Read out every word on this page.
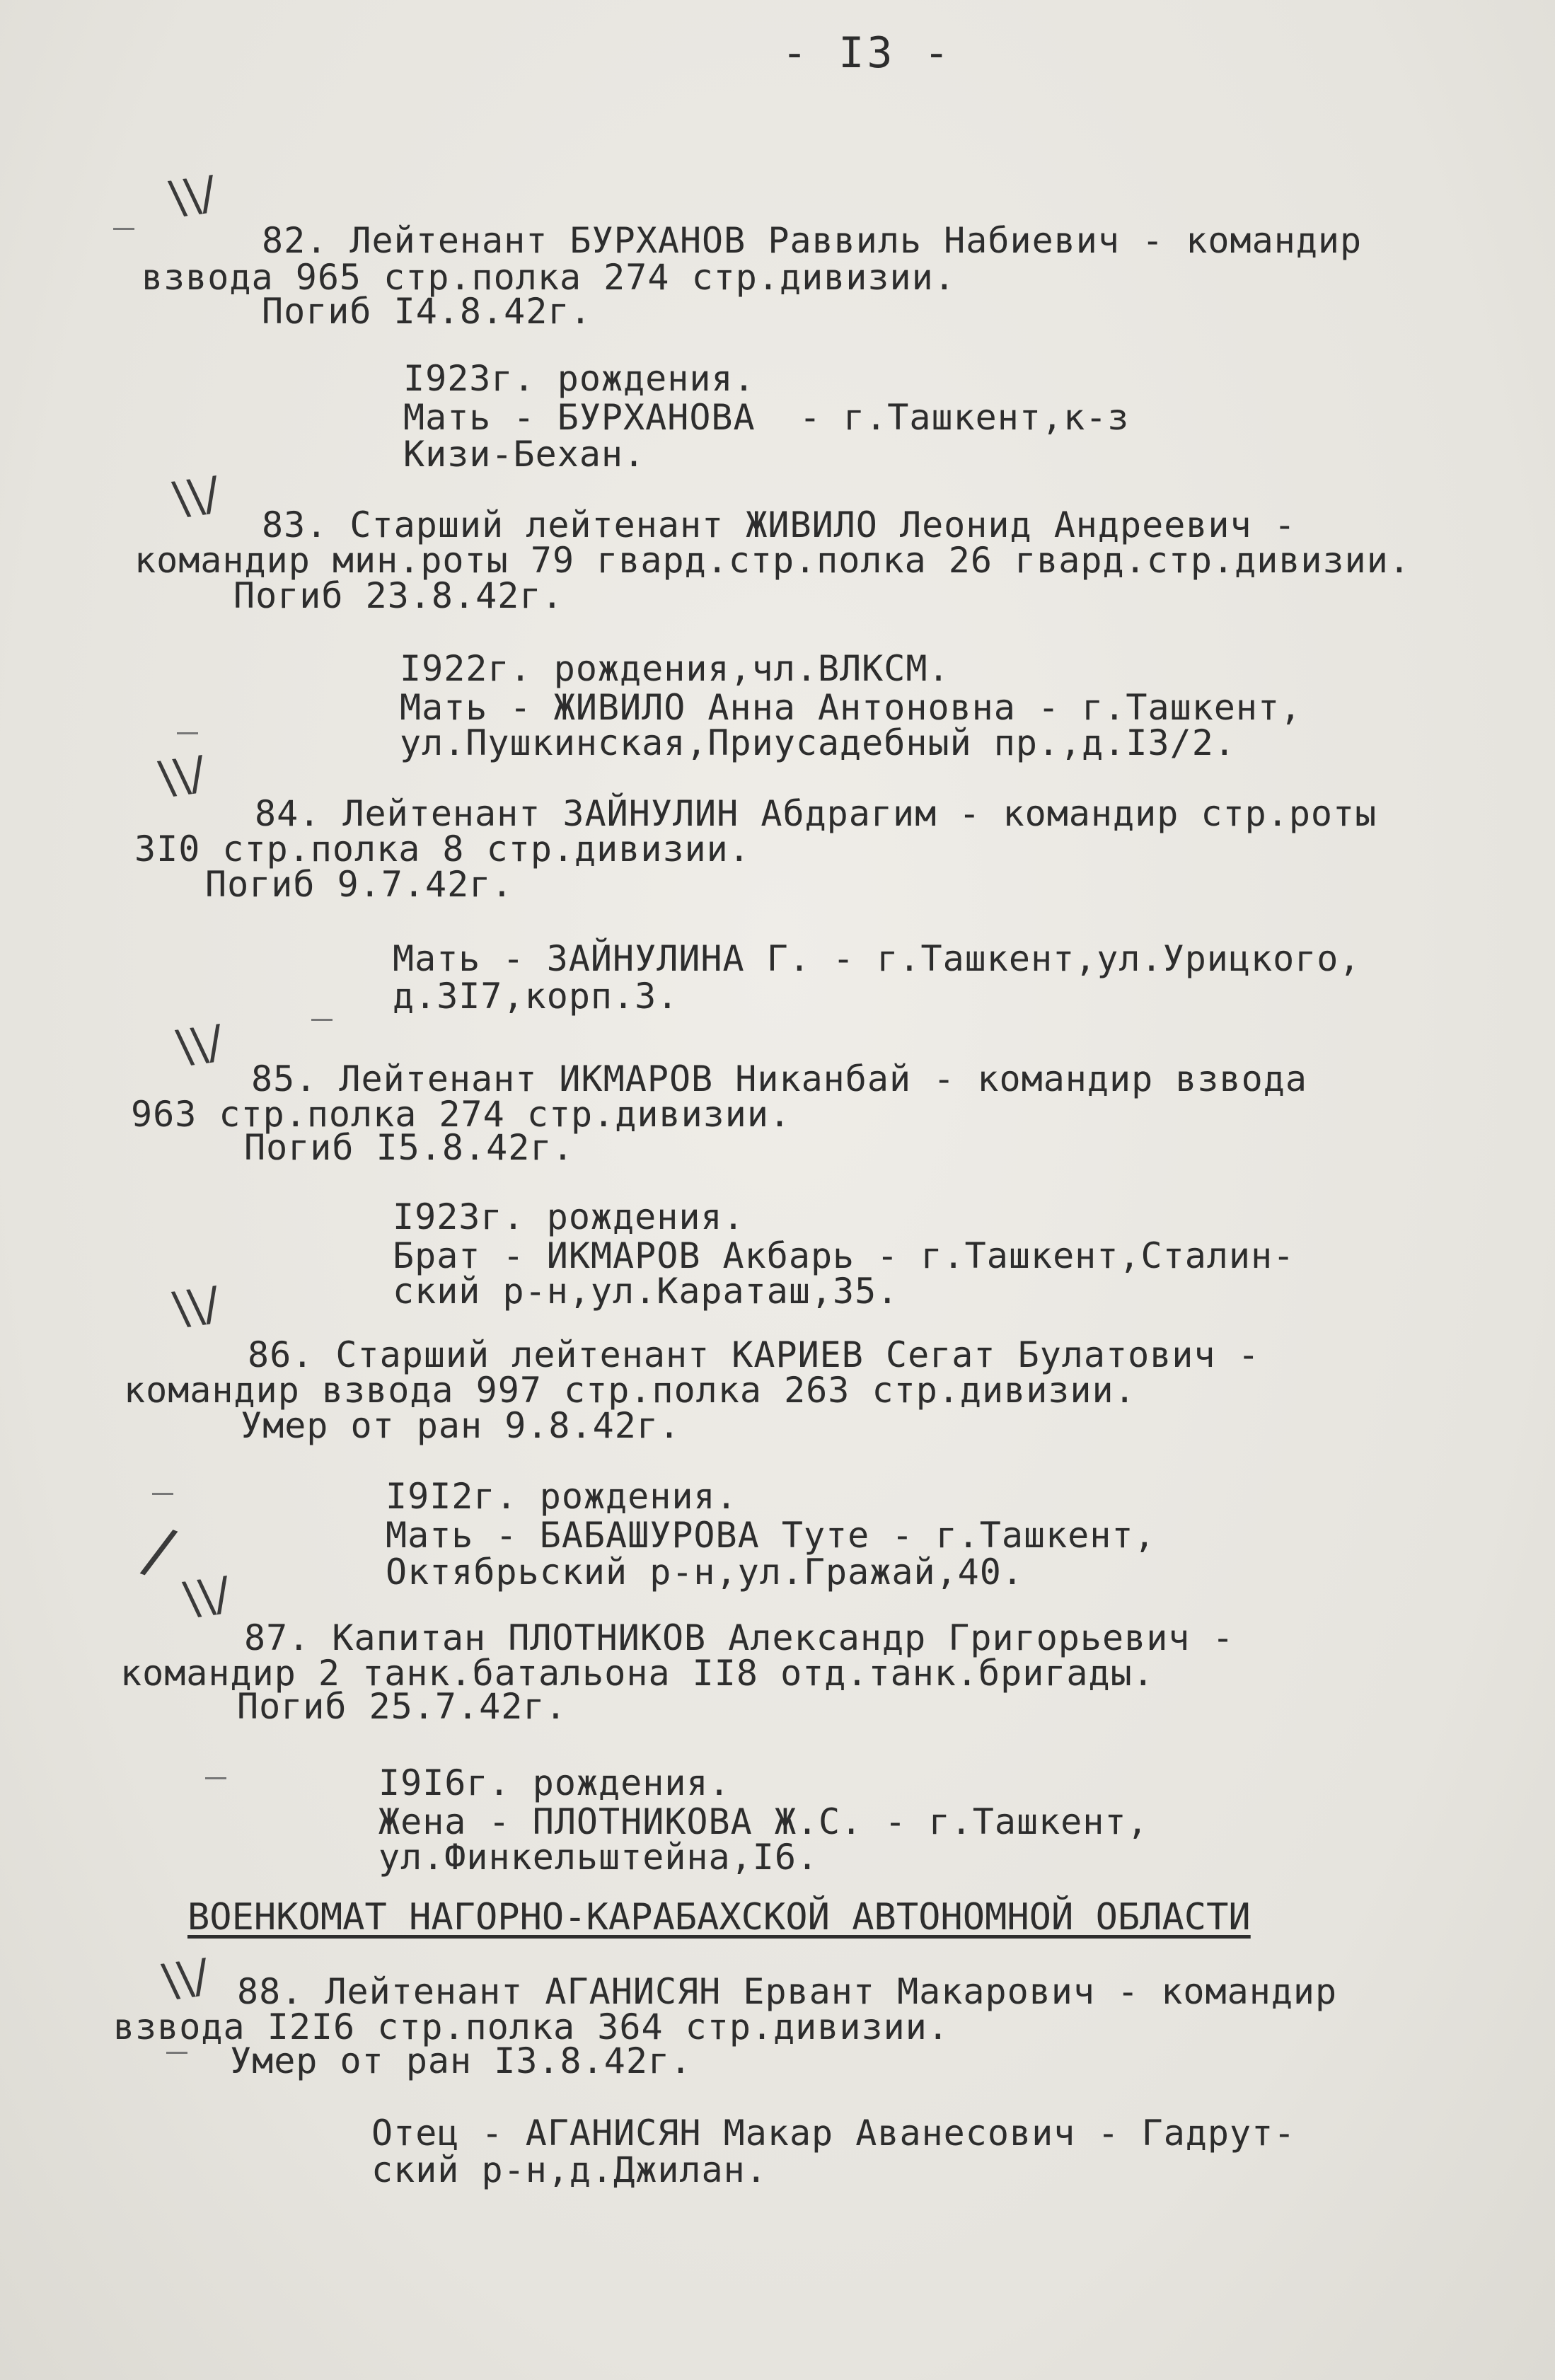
- I3 -
\\/
82. Лейтенант БУРХАНОВ Раввиль Набиевич - командир
взвода 965 стр.полка 274 стр.дивизии.
Погиб I4.8.42г.
I923г. рождения.
Мать - БУРХАНОВА  - г.Ташкент,к-з
Кизи-Бехан.
\\/ 83. Старший лейтенант ЖИВИЛО Леонид Андреевич -
командир мин.роты 79 гвард.стр.полка 26 гвард.стр.дивизии.
Погиб 23.8.42г.
I922г. рождения,чл.ВЛКСМ.
Мать - ЖИВИЛО Анна Антоновна - г.Ташкент,
ул.Пушкинская,Приусадебный пр.,д.I3/2.
\\/
84. Лейтенант ЗАЙНУЛИН Абдрагим - командир стр.роты
3I0 стр.полка 8 стр.дивизии.
Погиб 9.7.42г.
Мать - ЗАЙНУЛИНА Г. - г.Ташкент,ул.Урицкого,
д.3I7,корп.3.
\\/
85. Лейтенант ИКМАРОВ Никанбай - командир взвода
963 стр.полка 274 стр.дивизии.
Погиб I5.8.42г.
I923г. рождения.
Брат - ИКМАРОВ Акбарь - г.Ташкент,Сталин-
ский р-н,ул.Караташ,35.
\\/
86. Старший лейтенант КАРИЕВ Сегат Булатович -
командир взвода 997 стр.полка 263 стр.дивизии.
Умер от ран 9.8.42г.
I9I2г. рождения.
Мать - БАБАШУРОВА Туте - г.Ташкент,
Октябрьский р-н,ул.Гражай,40.
/
\\/
87. Капитан ПЛОТНИКОВ Александр Григорьевич -
командир 2 танк.батальона II8 отд.танк.бригады.
Погиб 25.7.42г.
I9I6г. рождения.
Жена - ПЛОТНИКОВА Ж.С. - г.Ташкент,
ул.Финкельштейна,I6.
ВОЕНКОМАТ НАГОРНО-КАРАБАХСКОЙ АВТОНОМНОЙ ОБЛАСТИ
\\/ 88. Лейтенант АГАНИСЯН Ервант Макарович - командир
взвода I2I6 стр.полка 364 стр.дивизии.
Умер от ран I3.8.42г.
Отец - АГАНИСЯН Макар Аванесович - Гадрут-
ский р-н,д.Джилан.
